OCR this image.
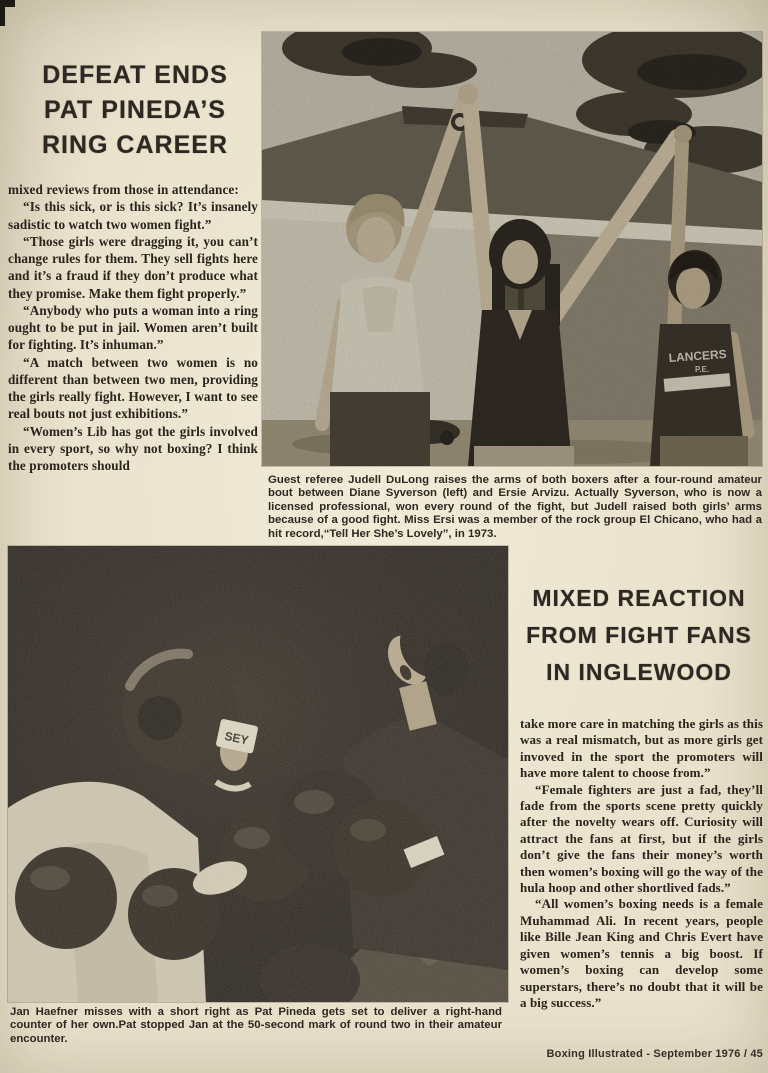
DEFEAT ENDS
PAT PINEDA’S
RING CAREER

mixed reviews from those in attendance:

“Is this sick, or is this sick? It’s insanely sadistic to watch two women fight.”

“Those girls were dragging it, you can’t change rules for them. They sell fights here and it’s a fraud if they don’t produce what they promise. Make them fight properly.”

“Anybody who puts a woman into a ring ought to be put in jail. Women aren’t built for fighting. It’s inhuman.”

“A match between two women is no different than between two men, providing the girls really fight. However, I want to see real bouts not just exhibitions.”

“Women’s Lib has got the girls involved in every sport, so why not boxing? I think the promoters should

LANCERS
P.E.
Guest referee Judell DuLong raises the arms of both boxers after a four-round amateur bout between Diane Syverson (left) and Ersie Arvizu. Actually Syverson, who is now a licensed professional, won every round of the fight, but Judell raised both girls’ arms because of a good fight. Miss Ersi was a member of the rock group El Chicano, who had a hit record,“Tell Her She’s Lovely”, in 1973.
SEY
Jan Haefner misses with a short right as Pat Pineda gets set to deliver a right-hand counter of her own.Pat stopped Jan at the 50-second mark of round two in their amateur encounter.
MIXED REACTION
FROM FIGHT FANS
IN INGLEWOOD

take more care in matching the girls as this was a real mismatch, but as more girls get invoved in the sport the promoters will have more talent to choose from.”

“Female fighters are just a fad, they’ll fade from the sports scene pretty quickly after the novelty wears off. Curiosity will attract the fans at first, but if the girls don’t give the fans their money’s worth then women’s boxing will go the way of the hula hoop and other shortlived fads.”

“All women’s boxing needs is a female Muhammad Ali. In recent years, people like Bille Jean King and Chris Evert have given women’s tennis a big boost. If women’s boxing can develop some superstars, there’s no doubt that it will be a big success.”

Boxing Illustrated - September 1976 / 45
